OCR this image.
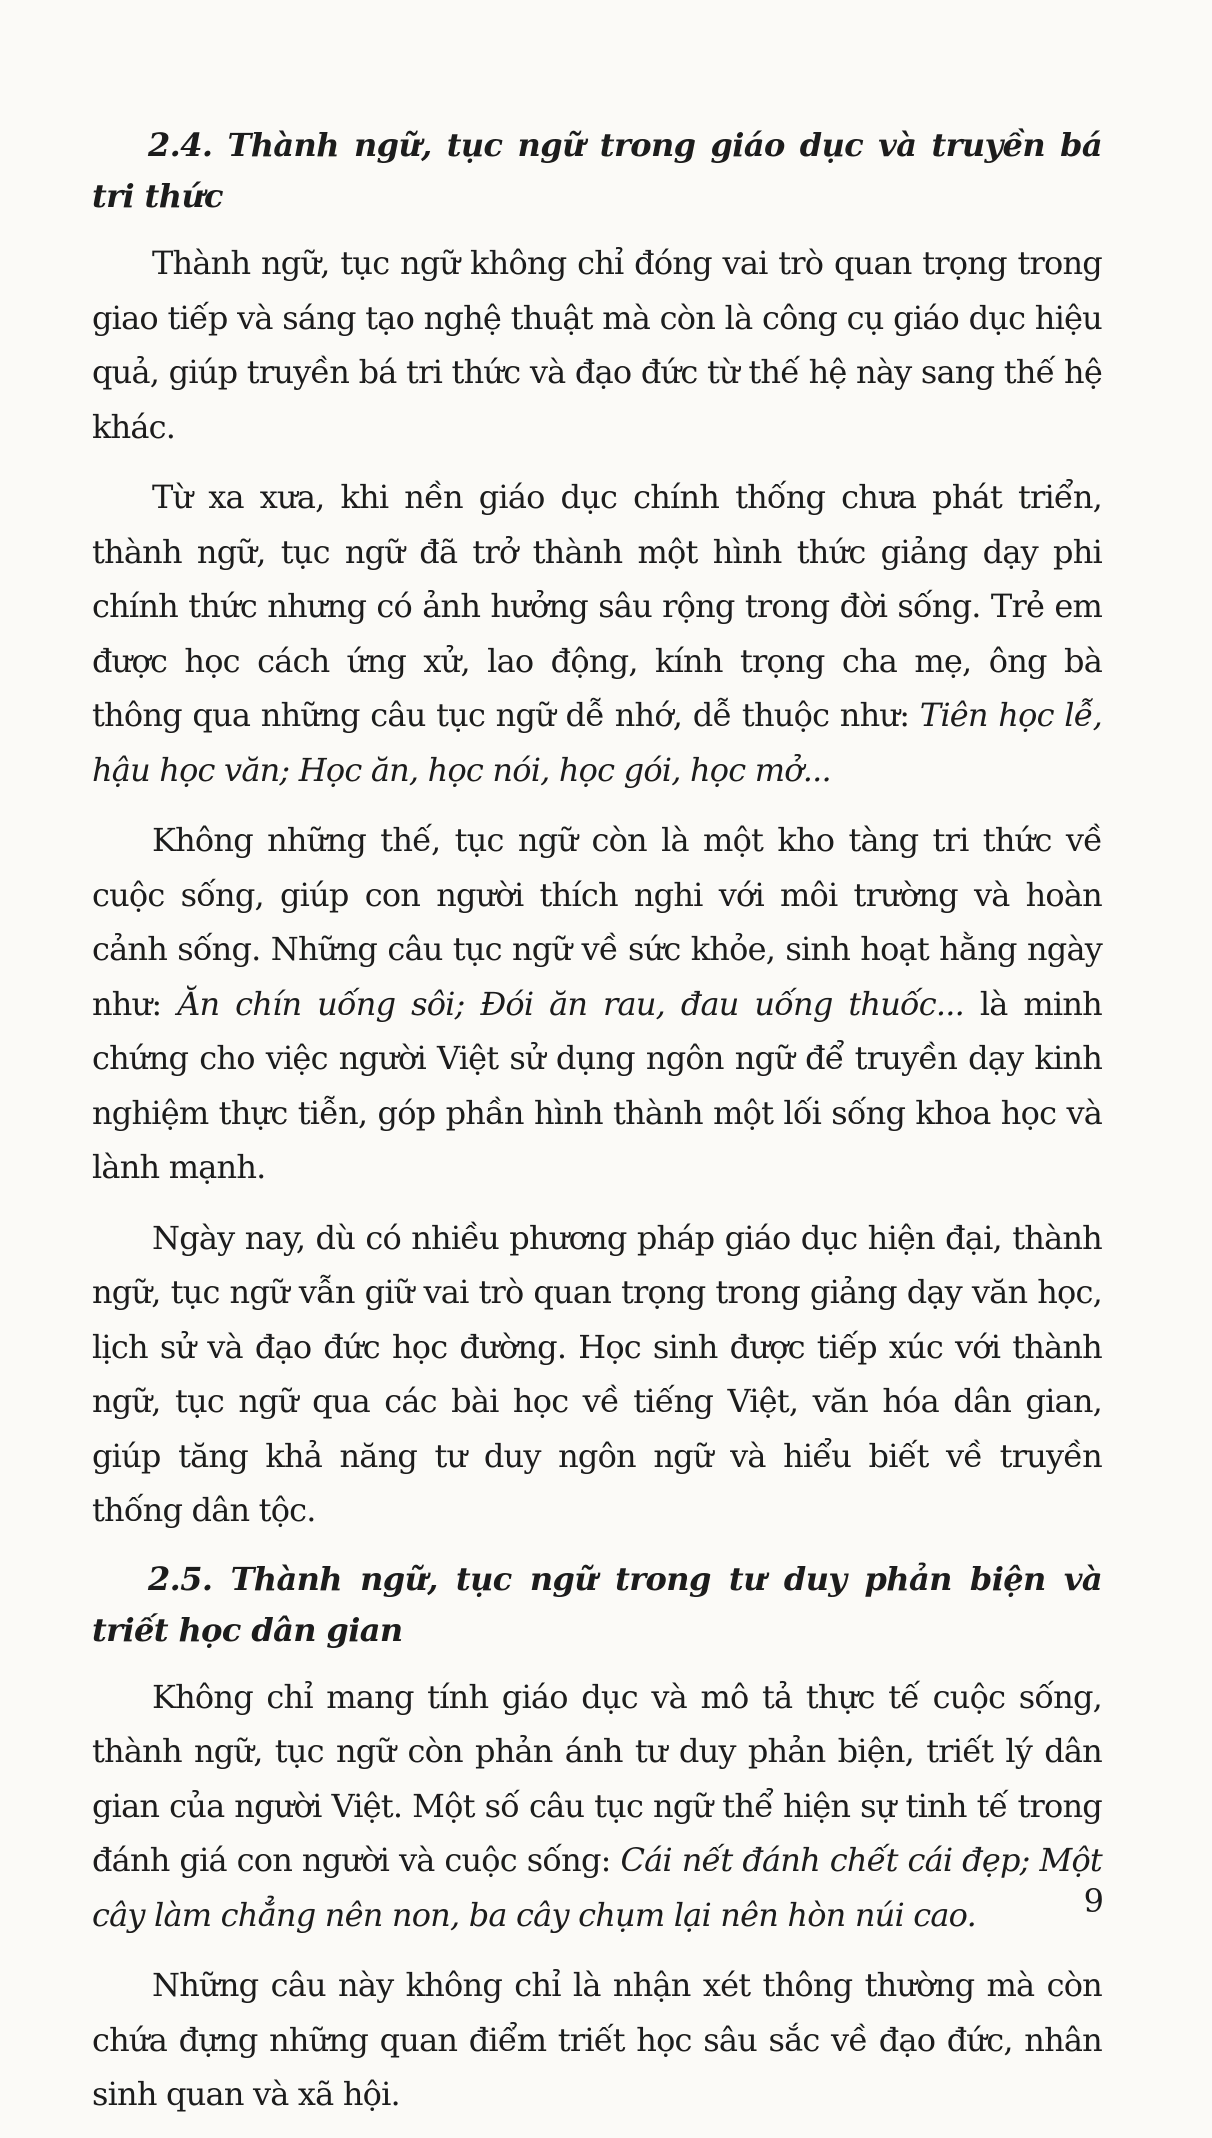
2.4. Thành ngữ, tục ngữ trong giáo dục và truyền bá tri thức

Thành ngữ, tục ngữ không chỉ đóng vai trò quan trọng trong giao tiếp và sáng tạo nghệ thuật mà còn là công cụ giáo dục hiệu quả, giúp truyền bá tri thức và đạo đức từ thế hệ này sang thế hệ khác.

Từ xa xưa, khi nền giáo dục chính thống chưa phát triển, thành ngữ, tục ngữ đã trở thành một hình thức giảng dạy phi chính thức nhưng có ảnh hưởng sâu rộng trong đời sống. Trẻ em được học cách ứng xử, lao động, kính trọng cha mẹ, ông bà thông qua những câu tục ngữ dễ nhớ, dễ thuộc như: Tiên học lễ, hậu học văn; Học ăn, học nói, học gói, học mở...

Không những thế, tục ngữ còn là một kho tàng tri thức về cuộc sống, giúp con người thích nghi với môi trường và hoàn cảnh sống. Những câu tục ngữ về sức khỏe, sinh hoạt hằng ngày như: Ăn chín uống sôi; Đói ăn rau, đau uống thuốc... là minh chứng cho việc người Việt sử dụng ngôn ngữ để truyền dạy kinh nghiệm thực tiễn, góp phần hình thành một lối sống khoa học và lành mạnh.

Ngày nay, dù có nhiều phương pháp giáo dục hiện đại, thành ngữ, tục ngữ vẫn giữ vai trò quan trọng trong giảng dạy văn học, lịch sử và đạo đức học đường. Học sinh được tiếp xúc với thành ngữ, tục ngữ qua các bài học về tiếng Việt, văn hóa dân gian, giúp tăng khả năng tư duy ngôn ngữ và hiểu biết về truyền thống dân tộc.

2.5. Thành ngữ, tục ngữ trong tư duy phản biện và triết học dân gian

Không chỉ mang tính giáo dục và mô tả thực tế cuộc sống, thành ngữ, tục ngữ còn phản ánh tư duy phản biện, triết lý dân gian của người Việt. Một số câu tục ngữ thể hiện sự tinh tế trong đánh giá con người và cuộc sống: Cái nết đánh chết cái đẹp; Một cây làm chẳng nên non, ba cây chụm lại nên hòn núi cao.

Những câu này không chỉ là nhận xét thông thường mà còn chứa đựng những quan điểm triết học sâu sắc về đạo đức, nhân sinh quan và xã hội.

9
